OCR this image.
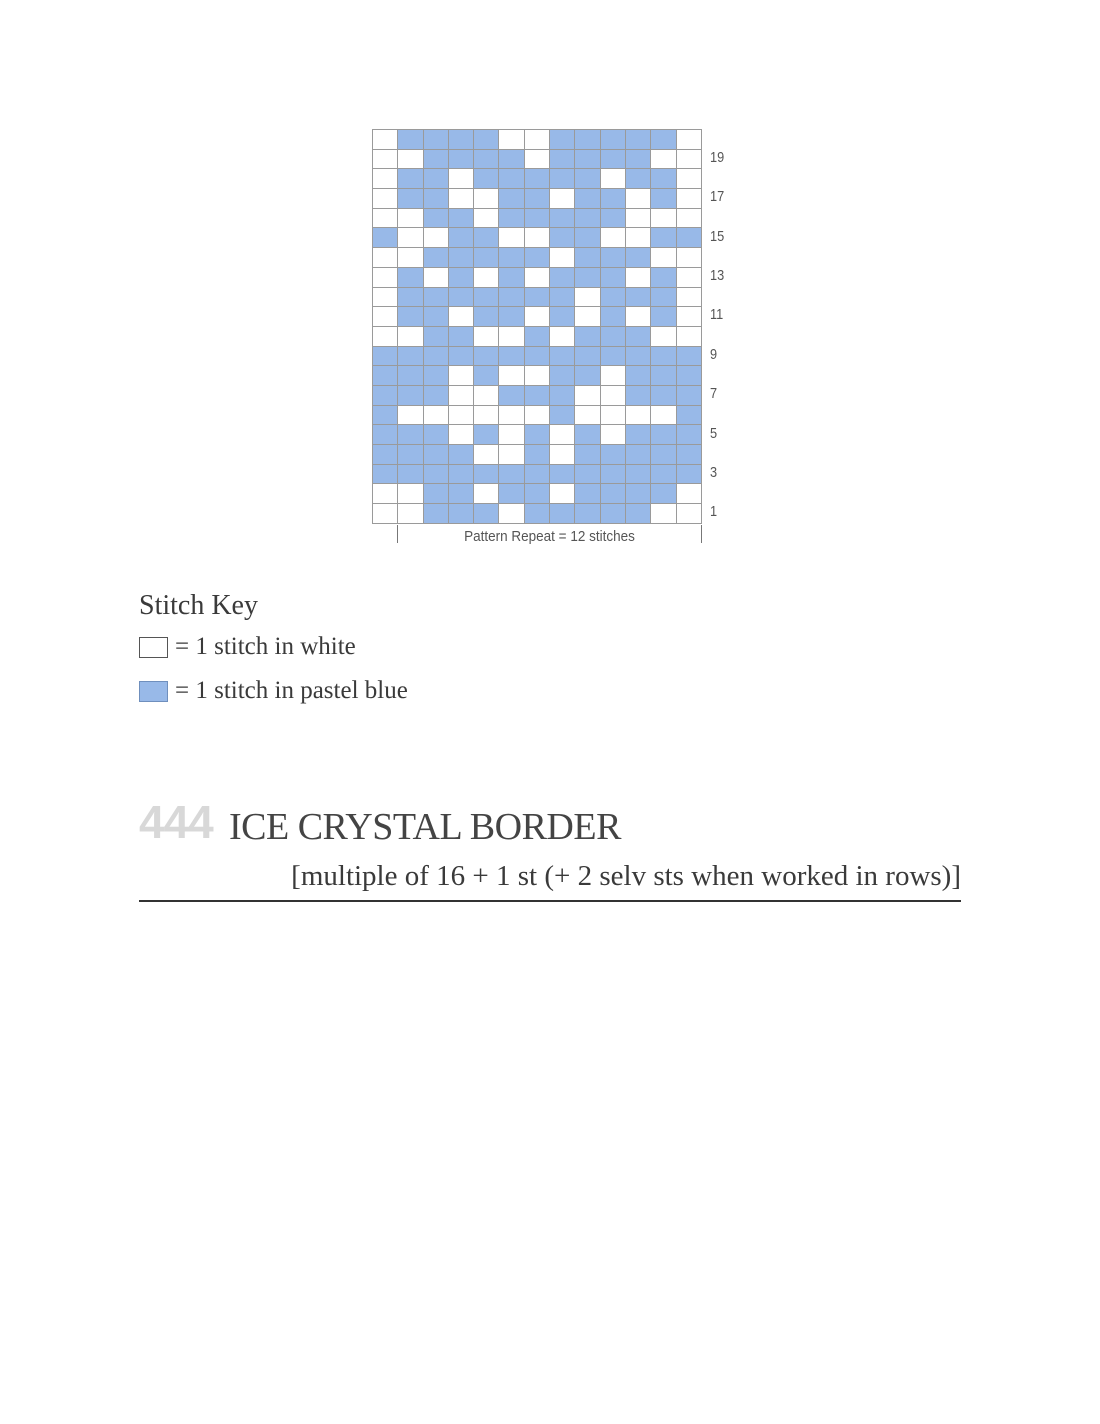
19
17
15
13
11
9
7
5
3
1
Pattern Repeat = 12 stitches
Stitch Key
= 1 stitch in white
= 1 stitch in pastel blue
444 ICE CRYSTAL BORDER
[multiple of 16 + 1 st (+ 2 selv sts when worked in rows)]
